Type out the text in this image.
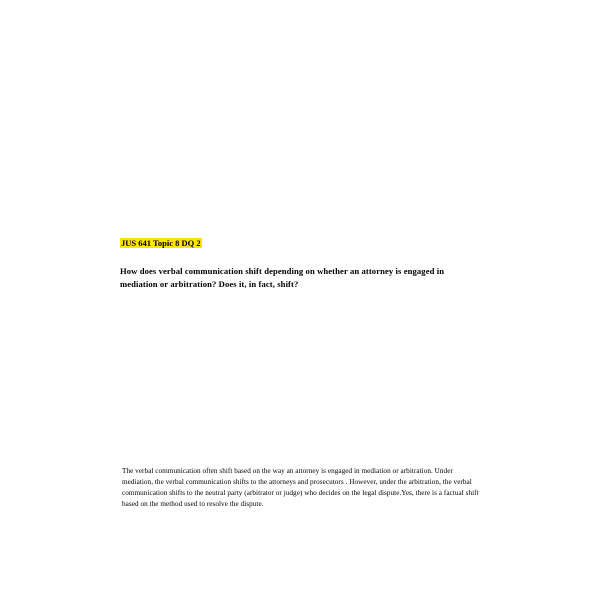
JUS 641 Topic 8 DQ 2

How does verbal communication shift depending on whether an attorney is engaged in mediation or arbitration? Does it, in fact, shift?

The verbal communication often shift based on the way an attorney is engaged in mediation or arbitration. Under mediation, the verbal communication shifts to the attorneys and prosecutors . However, under the arbitration, the verbal communication shifts to the neutral party (arbitrator or judge) who decides on the legal dispute.Yes, there is a factual shift based on the method used to resolve the dispute.
